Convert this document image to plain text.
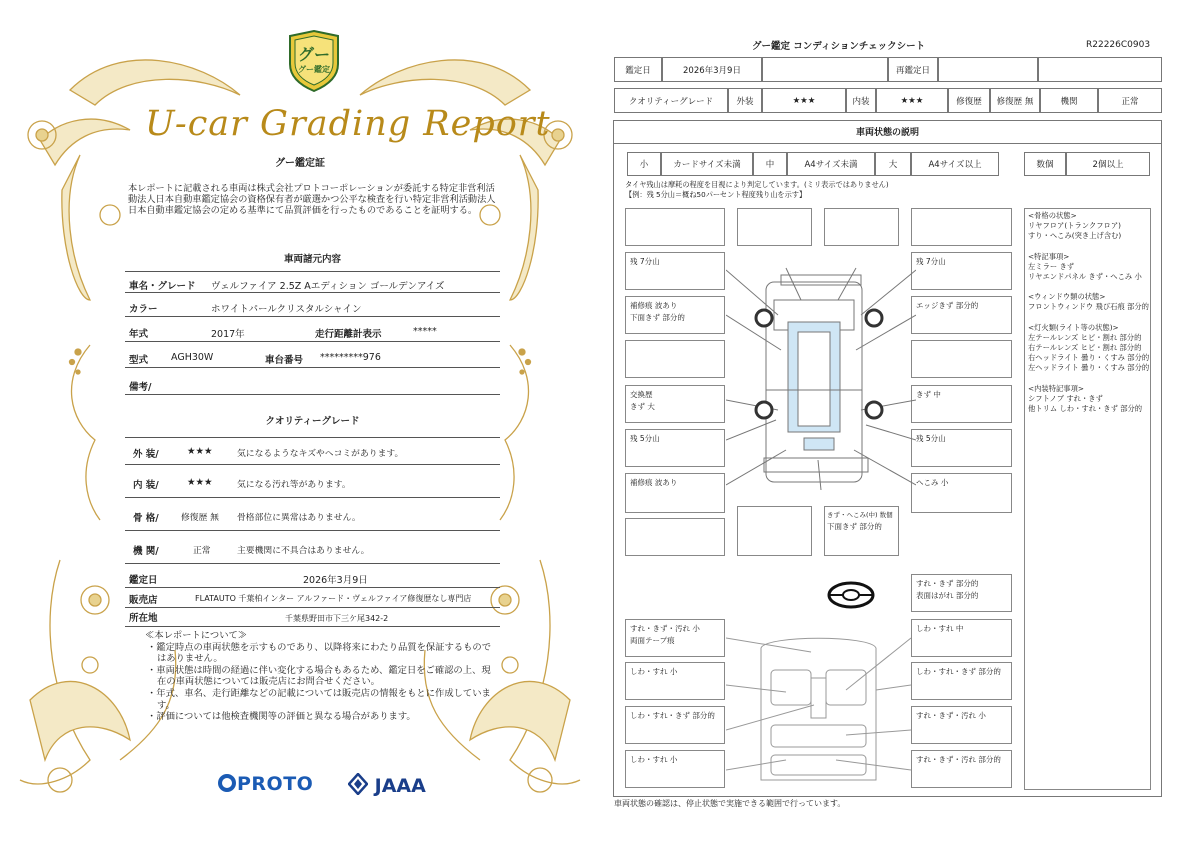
グー
グー鑑定
U-car Grading Report
グー鑑定証
本レポートに記載される車両は株式会社プロトコーポレーションが委託する特定非営利活動法人日本自動車鑑定協会の資格保有者が厳選かつ公平な検査を行い特定非営利活動法人日本自動車鑑定協会の定める基準にて品質評価を行ったものであることを証明する。
車両諸元内容
車名・グレード ヴェルファイア 2.5Z Aエディション ゴールデンアイズ
カラー	ホワイトパールクリスタルシャイン
年式	2017年	走行距離計表示	*****
型式 AGH30W	車台番号 *********976
備考/
クオリティーグレード
外 装/	★★★	気になるようなキズやヘコミがあります。
内 装/	★★★	気になる汚れ等があります。
骨 格/	修復歴 無 骨格部位に異常はありません。
機 関/	正常	主要機関に不具合はありません。
鑑定日	2026年3月9日
販売店	FLATAUTO 千葉柏インター アルファード・ヴェルファイア修復歴なし専門店
所在地	千葉県野田市下三ケ尾342-2
≪本レポートについて≫
・鑑定時点の車両状態を示すものであり、以降将来にわたり品質を保証するものではありません。
・車両状態は時間の経過に伴い変化する場合もあるため、鑑定日をご確認の上、現在の車両状態については販売店にお問合せください。
・年式、車名、走行距離などの記載については販売店の情報をもとに作成しています。
・評価については他検査機関等の評価と異なる場合があります。
PROTO	JAAA
グー鑑定 コンディションチェックシート	R22226C0903
鑑定日	2026年3月9日	再鑑定日
クオリティーグレード	外装	★★★	内装	★★★	修復歴	修復歴 無	機関	正常
車両状態の説明
小	カードサイズ未満	中	A4サイズ未満	大	A4サイズ以上	数個	2個以上
タイヤ残山は摩耗の程度を目視により判定しています。(ミリ表示ではありません)
【例：残 5分山＝概ね50パーセント程度残り山を示す】
残 7分山
補修痕 波あり
下面きず 部分的
交換歴
きず 大
残 5分山
補修痕 波あり
残 7分山
エッジきず 部分的
きず 中
残 5分山
へこみ 小
きず・へこみ(中) 数個
下面きず 部分的
すれ・きず 部分的
表面はがれ 部分的
すれ・きず・汚れ 小
両面テープ痕
しわ・すれ 小
しわ・すれ・きず 部分的
しわ・すれ 小
しわ・すれ 中
しわ・すれ・きず 部分的
すれ・きず・汚れ 小
すれ・きず・汚れ 部分的
<骨格の状態>
リヤフロア(トランクフロア)
すり・へこみ(突き上げ含む)
<特記事項>
左ミラー きず
リヤエンドパネル きず・へこみ 小
<ウィンドウ類の状態>
フロントウィンドウ 飛び石痕 部分的
<灯火類(ライト等の状態)>
左テールレンズ ヒビ・割れ 部分的
右テールレンズ ヒビ・割れ 部分的
右ヘッドライト 曇り・くすみ 部分的
左ヘッドライト 曇り・くすみ 部分的
<内装特記事項>
シフトノブ すれ・きず
他トリム しわ・すれ・きず 部分的
車両状態の確認は、停止状態で実施できる範囲で行っています。
